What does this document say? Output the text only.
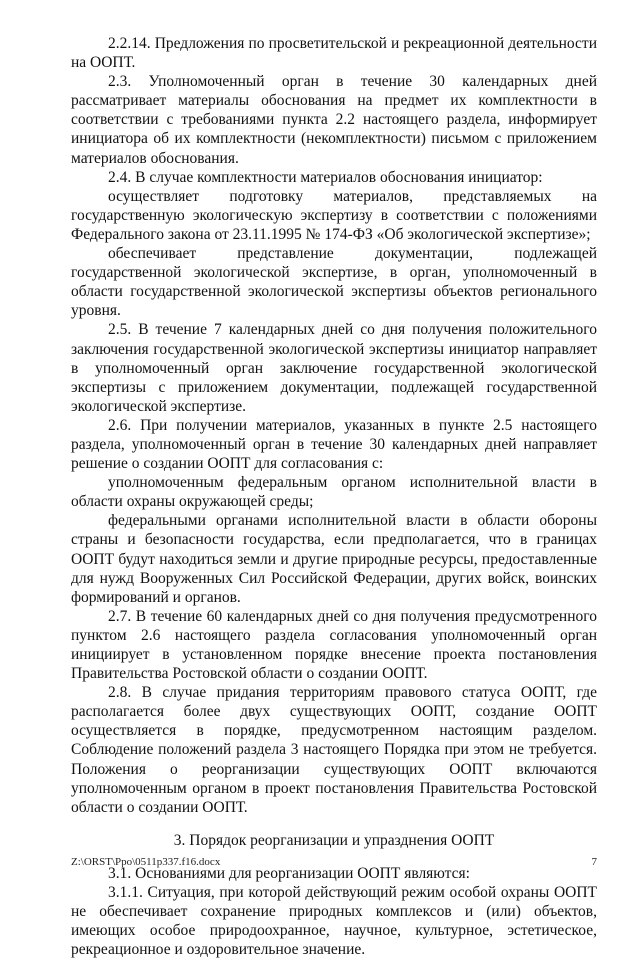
2.2.14. Предложения по просветительской и рекреационной деятельности на ООПТ.

2.3. Уполномоченный орган в течение 30 календарных дней рассматривает материалы обоснования на предмет их комплектности в соответствии с требованиями пункта 2.2 настоящего раздела, информирует инициатора об их комплектности (некомплектности) письмом с приложением материалов обоснования.

2.4. В случае комплектности материалов обоснования инициатор:

осуществляет подготовку материалов, представляемых на государственную экологическую экспертизу в соответствии с положениями Федерального закона от 23.11.1995 № 174-ФЗ «Об экологической экспертизе»;

обеспечивает представление документации, подлежащей государственной экологической экспертизе, в орган, уполномоченный в области государственной экологической экспертизы объектов регионального уровня.

2.5. В течение 7 календарных дней со дня получения положительного заключения государственной экологической экспертизы инициатор направляет в уполномоченный орган заключение государственной экологической экспертизы с приложением документации, подлежащей государственной экологической экспертизе.

2.6. При получении материалов, указанных в пункте 2.5 настоящего раздела, уполномоченный орган в течение 30 календарных дней направляет решение о создании ООПТ для согласования с:

уполномоченным федеральным органом исполнительной власти в области охраны окружающей среды;

федеральными органами исполнительной власти в области обороны страны и безопасности государства, если предполагается, что в границах ООПТ будут находиться земли и другие природные ресурсы, предоставленные для нужд Вооруженных Сил Российской Федерации, других войск, воинских формирований и органов.

2.7. В течение 60 календарных дней со дня получения предусмотренного пунктом 2.6 настоящего раздела согласования уполномоченный орган инициирует в установленном порядке внесение проекта постановления Правительства Ростовской области о создании ООПТ.

2.8. В случае придания территориям правового статуса ООПТ, где располагается более двух существующих ООПТ, создание ООПТ осуществляется в порядке, предусмотренном настоящим разделом. Соблюдение положений раздела 3 настоящего Порядка при этом не требуется. Положения о реорганизации существующих ООПТ включаются уполномоченным органом в проект постановления Правительства Ростовской области о создании ООПТ.

3. Порядок реорганизации и упразднения ООПТ

3.1. Основаниями для реорганизации ООПТ являются:

3.1.1. Ситуация, при которой действующий режим особой охраны ООПТ не обеспечивает сохранение природных комплексов и (или) объектов, имеющих особое природоохранное, научное, культурное, эстетическое, рекреационное и оздоровительное значение.

Z:\ORST\Ppo\0511p337.f16.docx	7
